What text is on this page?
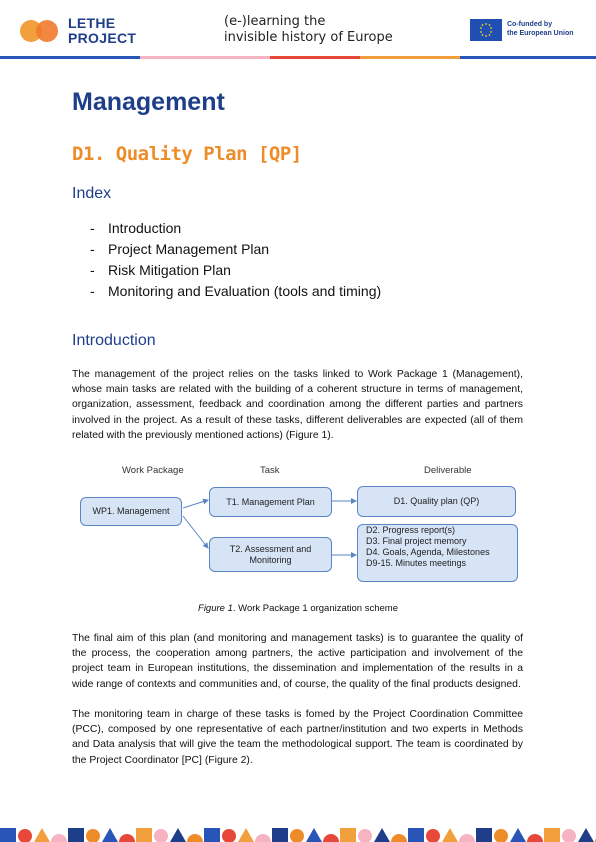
LETHE
PROJECT
(e-)learning the
invisible history of Europe
Co-funded by
the European Union
Management
D1. Quality Plan [QP]
Index
- Introduction
- Project Management Plan
- Risk Mitigation Plan
- Monitoring and Evaluation (tools and timing)
Introduction

The management of the project relies on the tasks linked to Work Package 1 (Management), whose main tasks are related with the building of a coherent structure in terms of management, organization, assessment, feedback and coordination among the different parties and partners involved in the project. As a result of these tasks, different deliverables are expected (all of them related with the previously mentioned actions) (Figure 1).

Work Package	Task	Deliverable
WP1. Management
T1. Management Plan
T2. Assessment and
Monitoring
D1. Quality plan (QP)
D2. Progress report(s)
D3. Final project memory
D4. Goals, Agenda, Milestones
D9-15. Minutes meetings
Figure 1. Work Package 1 organization scheme

The final aim of this plan (and monitoring and management tasks) is to guarantee the quality of the process, the cooperation among partners, the active participation and involvement of the project team in European institutions, the dissemination and implementation of the results in a wide range of contexts and communities and, of course, the quality of the final products designed.

The monitoring team in charge of these tasks is fomed by the Project Coordination Committee (PCC), composed by one representative of each partner/institution and two experts in Methods and Data analysis that will give the team the methodological support. The team is coordinated by the Project Coordinator [PC] (Figure 2).
